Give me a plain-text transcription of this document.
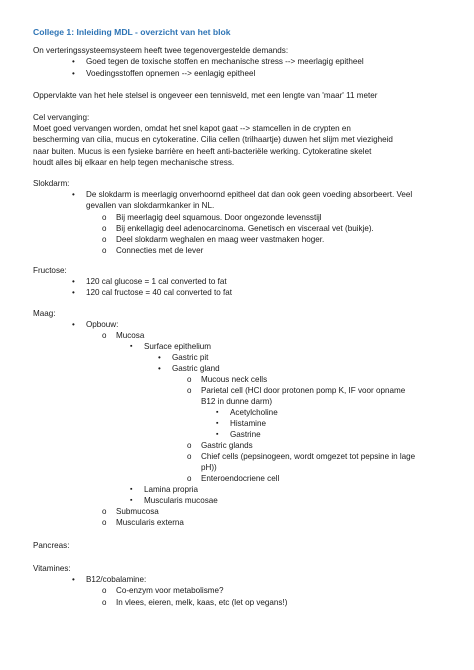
College 1: Inleiding MDL - overzicht van het blok
On verteringssysteemsysteem heeft twee tegenovergestelde demands:
• Goed tegen de toxische stoffen en mechanische stress --> meerlagig epitheel
• Voedingsstoffen opnemen --> eenlagig epitheel
Oppervlakte van het hele stelsel is ongeveer een tennisveld, met een lengte van 'maar' 11 meter
Cel vervanging:
Moet goed vervangen worden, omdat het snel kapot gaat --> stamcellen in de crypten en
bescherming van cilia, mucus en cytokeratine. Cilia cellen (trilhaartje) duwen het slijm met viezigheid
naar buiten. Mucus is een fysieke barrière en heeft anti-bacteriële werking. Cytokeratine skelet
houdt alles bij elkaar en help tegen mechanische stress.
Slokdarm:
• De slokdarm is meerlagig onverhoornd epitheel dat dan ook geen voeding absorbeert. Veel
gevallen van slokdarmkanker in NL.
o Bij meerlagig deel squamous. Door ongezonde levensstijl
o Bij enkellagig deel adenocarcinoma. Genetisch en visceraal vet (buikje).
o Deel slokdarm weghalen en maag weer vastmaken hoger.
o Connecties met de lever
Fructose:
• 120 cal glucose = 1 cal converted to fat
• 120 cal fructose = 40 cal converted to fat
Maag:
• Opbouw:
o Mucosa
▪ Surface epithelium
• Gastric pit
• Gastric gland
o Mucous neck cells
o Parietal cell (HCl door protonen pomp K, IF voor opname
B12 in dunne darm)
▪ Acetylcholine
▪ Histamine
▪ Gastrine
o Gastric glands
o Chief cells (pepsinogeen, wordt omgezet tot pepsine in lage
pH))
o Enteroendocriene cell
▪ Lamina propria
▪ Muscularis mucosae
o Submucosa
o Muscularis externa
Pancreas:
Vitamines:
• B12/cobalamine:
o Co-enzym voor metabolisme?
o In vlees, eieren, melk, kaas, etc (let op vegans!)
